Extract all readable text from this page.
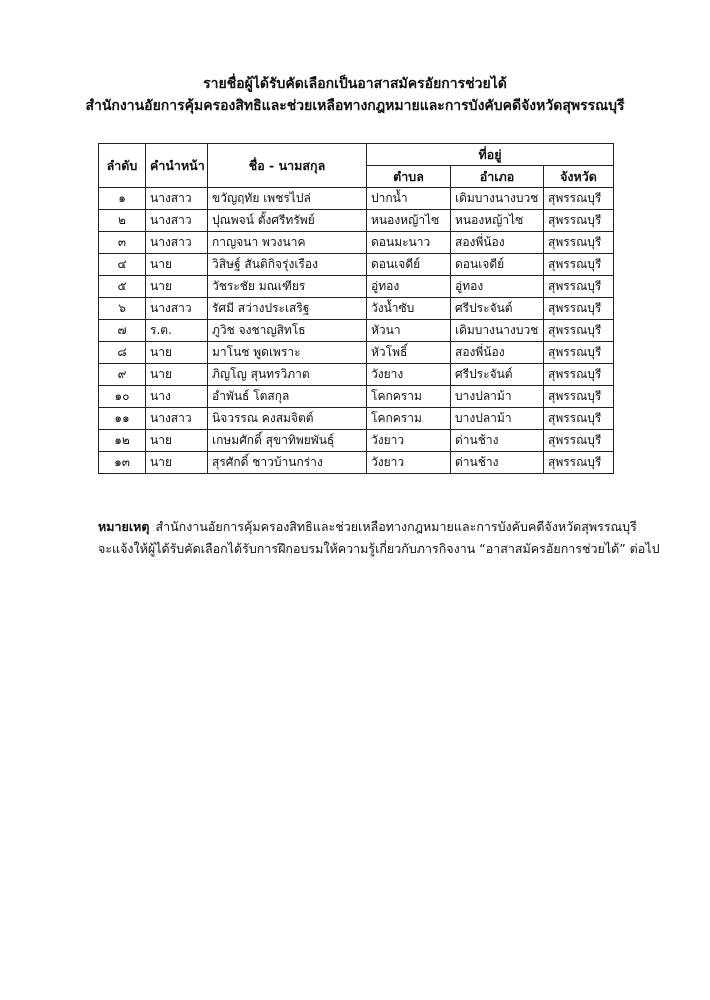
รายชื่อผู้ได้รับคัดเลือกเป็นอาสาสมัครอัยการช่วยได้
สำนักงานอัยการคุ้มครองสิทธิและช่วยเหลือทางกฎหมายและการบังคับคดีจังหวัดสุพรรณบุรี
ลำดับ	คำนำหน้า	ชื่อ - นามสกุล	ที่อยู่		
			ตำบล	อำเภอ	จังหวัด
๑	นางสาว	ขวัญฤทัย เพชรไปล่	ปากน้ำ	เดิมบางนางบวช	สุพรรณบุรี
๒	นางสาว	ปุณพจน์ ตั้งศรีทรัพย์	หนองหญ้าไซ	หนองหญ้าไซ	สุพรรณบุรี
๓	นางสาว	กาญจนา พวงนาค	ดอนมะนาว	สองพี่น้อง	สุพรรณบุรี
๔	นาย	วิสิษฐ์ สันติกิจรุ่งเรือง	ดอนเจดีย์	ดอนเจดีย์	สุพรรณบุรี
๕	นาย	วัชระชัย มณเฑียร	อู่ทอง	อู่ทอง	สุพรรณบุรี
๖	นางสาว	รัศมี สว่างประเสริฐ	วังน้ำซับ	ศรีประจันต์	สุพรรณบุรี
๗	ร.ต.	ภูวิช จงชาญสิทโธ	หัวนา	เดิมบางนางบวช	สุพรรณบุรี
๘	นาย	มาโนช พูดเพราะ	หัวโพธิ์	สองพี่น้อง	สุพรรณบุรี
๙	นาย	ภิญโญ สุนทรวิภาต	วังยาง	ศรีประจันต์	สุพรรณบุรี
๑๐	นาง	อำพันธ์ โตสกุล	โคกคราม	บางปลาม้า	สุพรรณบุรี
๑๑	นางสาว	นิจวรรณ คงสมจิตต์	โคกคราม	บางปลาม้า	สุพรรณบุรี
๑๒	นาย	เกษมศักดิ์ สุขาทิพยพันธุ์	วังยาว	ด่านช้าง	สุพรรณบุรี
๑๓	นาย	สุรศักดิ์ ชาวบ้านกร่าง	วังยาว	ด่านช้าง	สุพรรณบุรี
หมายเหตุ สำนักงานอัยการคุ้มครองสิทธิและช่วยเหลือทางกฎหมายและการบังคับคดีจังหวัดสุพรรณบุรี
จะแจ้งให้ผู้ได้รับคัดเลือกได้รับการฝึกอบรมให้ความรู้เกี่ยวกับภารกิจงาน “อาสาสมัครอัยการช่วยได้” ต่อไป
